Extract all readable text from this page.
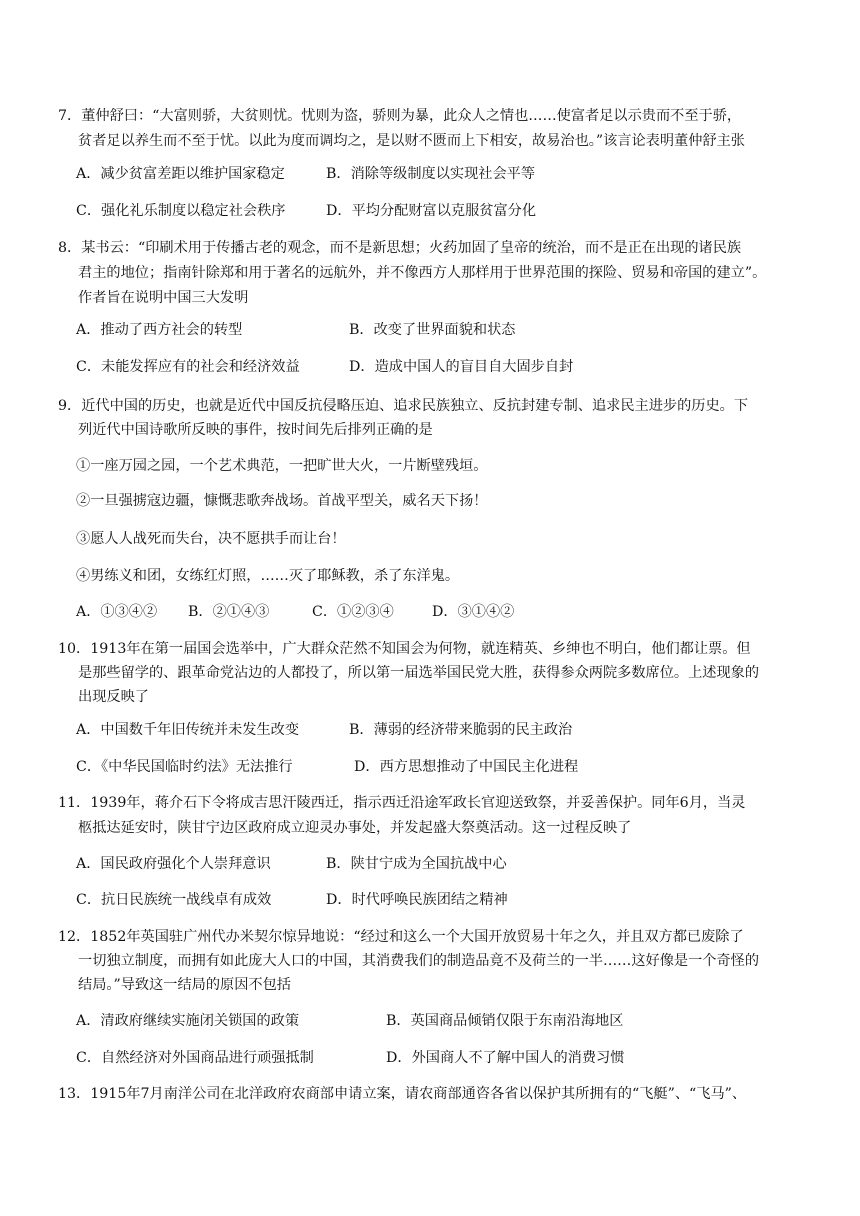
7．董仲舒曰：“大富则骄，大贫则忧。忧则为盗，骄则为暴，此众人之情也……使富者足以示贵而不至于骄，
贫者足以养生而不至于忧。以此为度而调均之，是以财不匮而上下相安，故易治也。”该言论表明董仲舒主张
A．减少贫富差距以维护国家稳定	B．消除等级制度以实现社会平等
C．强化礼乐制度以稳定社会秩序	D．平均分配财富以克服贫富分化
8．某书云：“印刷术用于传播古老的观念，而不是新思想；火药加固了皇帝的统治，而不是正在出现的诸民族
君主的地位；指南针除郑和用于著名的远航外，并不像西方人那样用于世界范围的探险、贸易和帝国的建立”。
作者旨在说明中国三大发明
A．推动了西方社会的转型	B．改变了世界面貌和状态
C．未能发挥应有的社会和经济效益	D．造成中国人的盲目自大固步自封
9．近代中国的历史，也就是近代中国反抗侵略压迫、追求民族独立、反抗封建专制、追求民主进步的历史。下
列近代中国诗歌所反映的事件，按时间先后排列正确的是
①一座万园之园，一个艺术典范，一把旷世大火，一片断壁残垣。
②一旦强掳寇边疆，慷慨悲歌奔战场。首战平型关，威名天下扬！
③愿人人战死而失台，决不愿拱手而让台！
④男练义和团，女练红灯照，……灭了耶稣教，杀了东洋鬼。
A．①③④② B．②①④③	C．①②③④	D．③①④②
10．1913年在第一届国会选举中，广大群众茫然不知国会为何物，就连精英、乡绅也不明白，他们都让票。但
是那些留学的、跟革命党沾边的人都投了，所以第一届选举国民党大胜，获得参众两院多数席位。上述现象的
出现反映了
A．中国数千年旧传统并未发生改变	B．薄弱的经济带来脆弱的民主政治
C．《中华民国临时约法》无法推行	D．西方思想推动了中国民主化进程
11．1939年，蒋介石下令将成吉思汗陵西迁，指示西迁沿途军政长官迎送致祭，并妥善保护。同年6月，当灵
柩抵达延安时，陕甘宁边区政府成立迎灵办事处，并发起盛大祭奠活动。这一过程反映了
A．国民政府强化个人崇拜意识	B．陕甘宁成为全国抗战中心
C．抗日民族统一战线卓有成效	D．时代呼唤民族团结之精神
12．1852年英国驻广州代办米契尔惊异地说：“经过和这么一个大国开放贸易十年之久，并且双方都已废除了
一切独立制度，而拥有如此庞大人口的中国，其消费我们的制造品竟不及荷兰的一半……这好像是一个奇怪的
结局。”导致这一结局的原因不包括
A．清政府继续实施闭关锁国的政策	B．英国商品倾销仅限于东南沿海地区
C．自然经济对外国商品进行顽强抵制	D．外国商人不了解中国人的消费习惯
13．1915年7月南洋公司在北洋政府农商部申请立案，请农商部通咨各省以保护其所拥有的“飞艇”、“飞马”、
